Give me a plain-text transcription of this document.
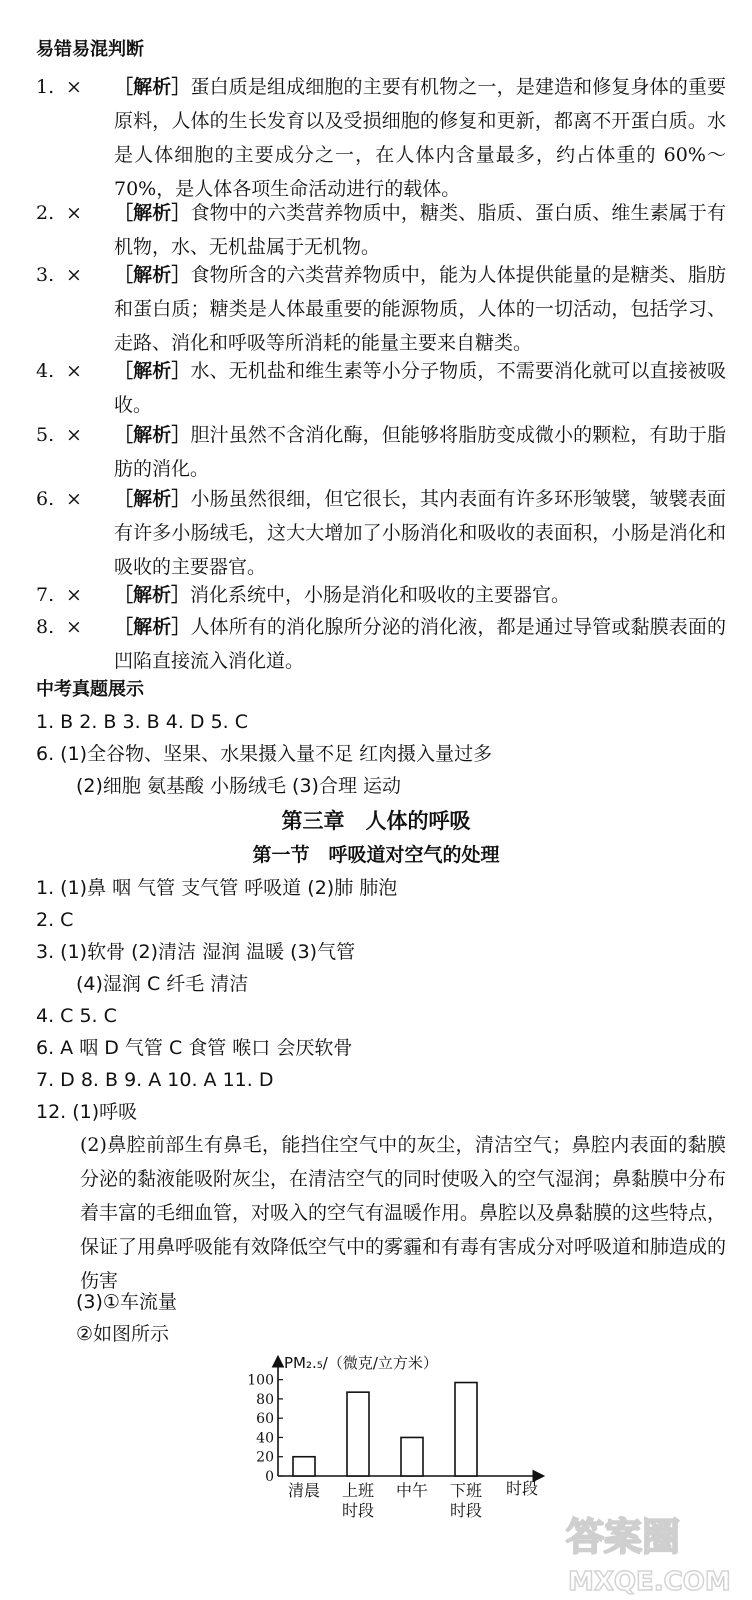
易错易混判断
1. × ［解析］蛋白质是组成细胞的主要有机物之一，是建造和修复身体的重要原料，人体的生长发育以及受损细胞的修复和更新，都离不开蛋白质。水是人体细胞的主要成分之一，在人体内含量最多，约占体重的 60%～70%，是人体各项生命活动进行的载体。
2. × ［解析］食物中的六类营养物质中，糖类、脂质、蛋白质、维生素属于有机物，水、无机盐属于无机物。
3. × ［解析］食物所含的六类营养物质中，能为人体提供能量的是糖类、脂肪和蛋白质；糖类是人体最重要的能源物质，人体的一切活动，包括学习、走路、消化和呼吸等所消耗的能量主要来自糖类。
4. × ［解析］水、无机盐和维生素等小分子物质，不需要消化就可以直接被吸收。
5. × ［解析］胆汁虽然不含消化酶，但能够将脂肪变成微小的颗粒，有助于脂肪的消化。
6. × ［解析］小肠虽然很细，但它很长，其内表面有许多环形皱襞，皱襞表面有许多小肠绒毛，这大大增加了小肠消化和吸收的表面积，小肠是消化和吸收的主要器官。
7. × ［解析］消化系统中，小肠是消化和吸收的主要器官。
8. × ［解析］人体所有的消化腺所分泌的消化液，都是通过导管或黏膜表面的凹陷直接流入消化道。
中考真题展示
1. B 2. B 3. B 4. D 5. C
6. (1)全谷物、坚果、水果摄入量不足 红肉摄入量过多
(2)细胞 氨基酸 小肠绒毛 (3)合理 运动
第三章　人体的呼吸
第一节　呼吸道对空气的处理
1. (1)鼻 咽 气管 支气管 呼吸道 (2)肺 肺泡
2. C
3. (1)软骨 (2)清洁 湿润 温暖 (3)气管
(4)湿润 C 纤毛 清洁
4. C 5. C
6. A 咽 D 气管 C 食管 喉口 会厌软骨
7. D 8. B 9. A 10. A 11. D
12. (1)呼吸
(2)鼻腔前部生有鼻毛，能挡住空气中的灰尘，清洁空气；鼻腔内表面的黏膜分泌的黏液能吸附灰尘，在清洁空气的同时使吸入的空气湿润；鼻黏膜中分布着丰富的毛细血管，对吸入的空气有温暖作用。鼻腔以及鼻黏膜的这些特点，保证了用鼻呼吸能有效降低空气中的雾霾和有毒有害成分对呼吸道和肺造成的伤害
(3)①车流量
②如图所示
PM₂.₅/（微克/立方米）
时段
0
20
40
60
80
100
清晨 上班
时段
中午 下班
时段
答案圈
MXQE.COM
